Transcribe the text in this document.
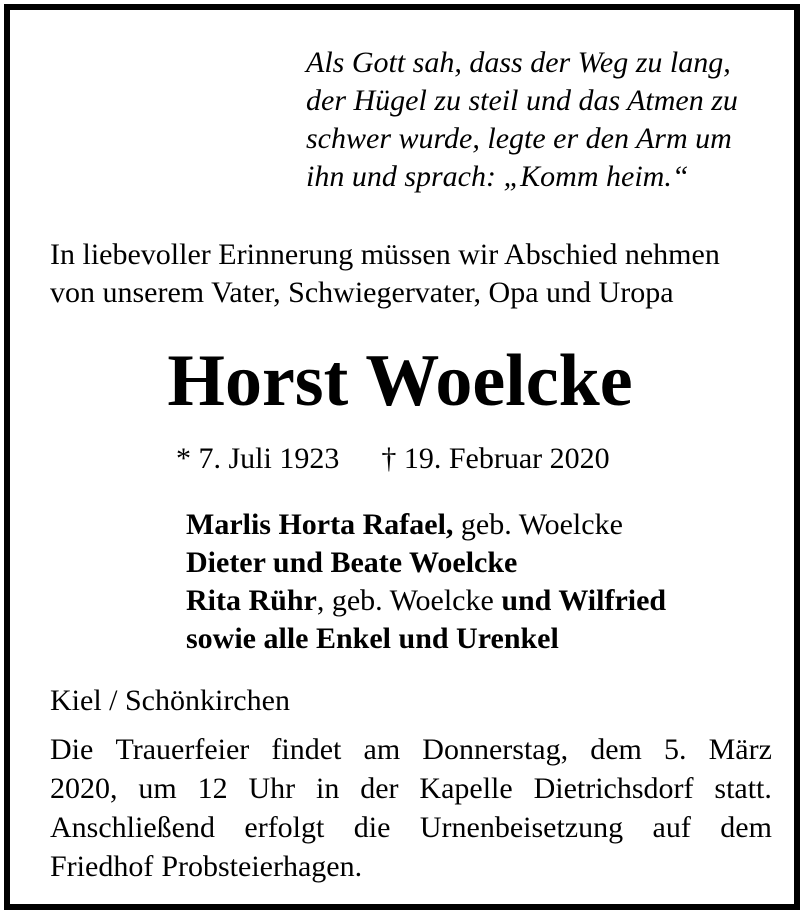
Als Gott sah, dass der Weg zu lang,
der Hügel zu steil und das Atmen zu
schwer wurde, legte er den Arm um
ihn und sprach: „Komm heim.“
In liebevoller Erinnerung müssen wir Abschied nehmen
von unserem Vater, Schwiegervater, Opa und Uropa
Horst Woelcke
* 7. Juli 1923 † 19. Februar 2020
Marlis Horta Rafael, geb. Woelcke
Dieter und Beate Woelcke
Rita Rühr, geb. Woelcke und Wilfried
sowie alle Enkel und Urenkel
Kiel / Schönkirchen
Die Trauerfeier findet am Donnerstag, dem 5. März
2020, um 12 Uhr in der Kapelle Dietrichsdorf statt.
Anschließend erfolgt die Urnenbeisetzung auf dem
Friedhof Probsteierhagen.
